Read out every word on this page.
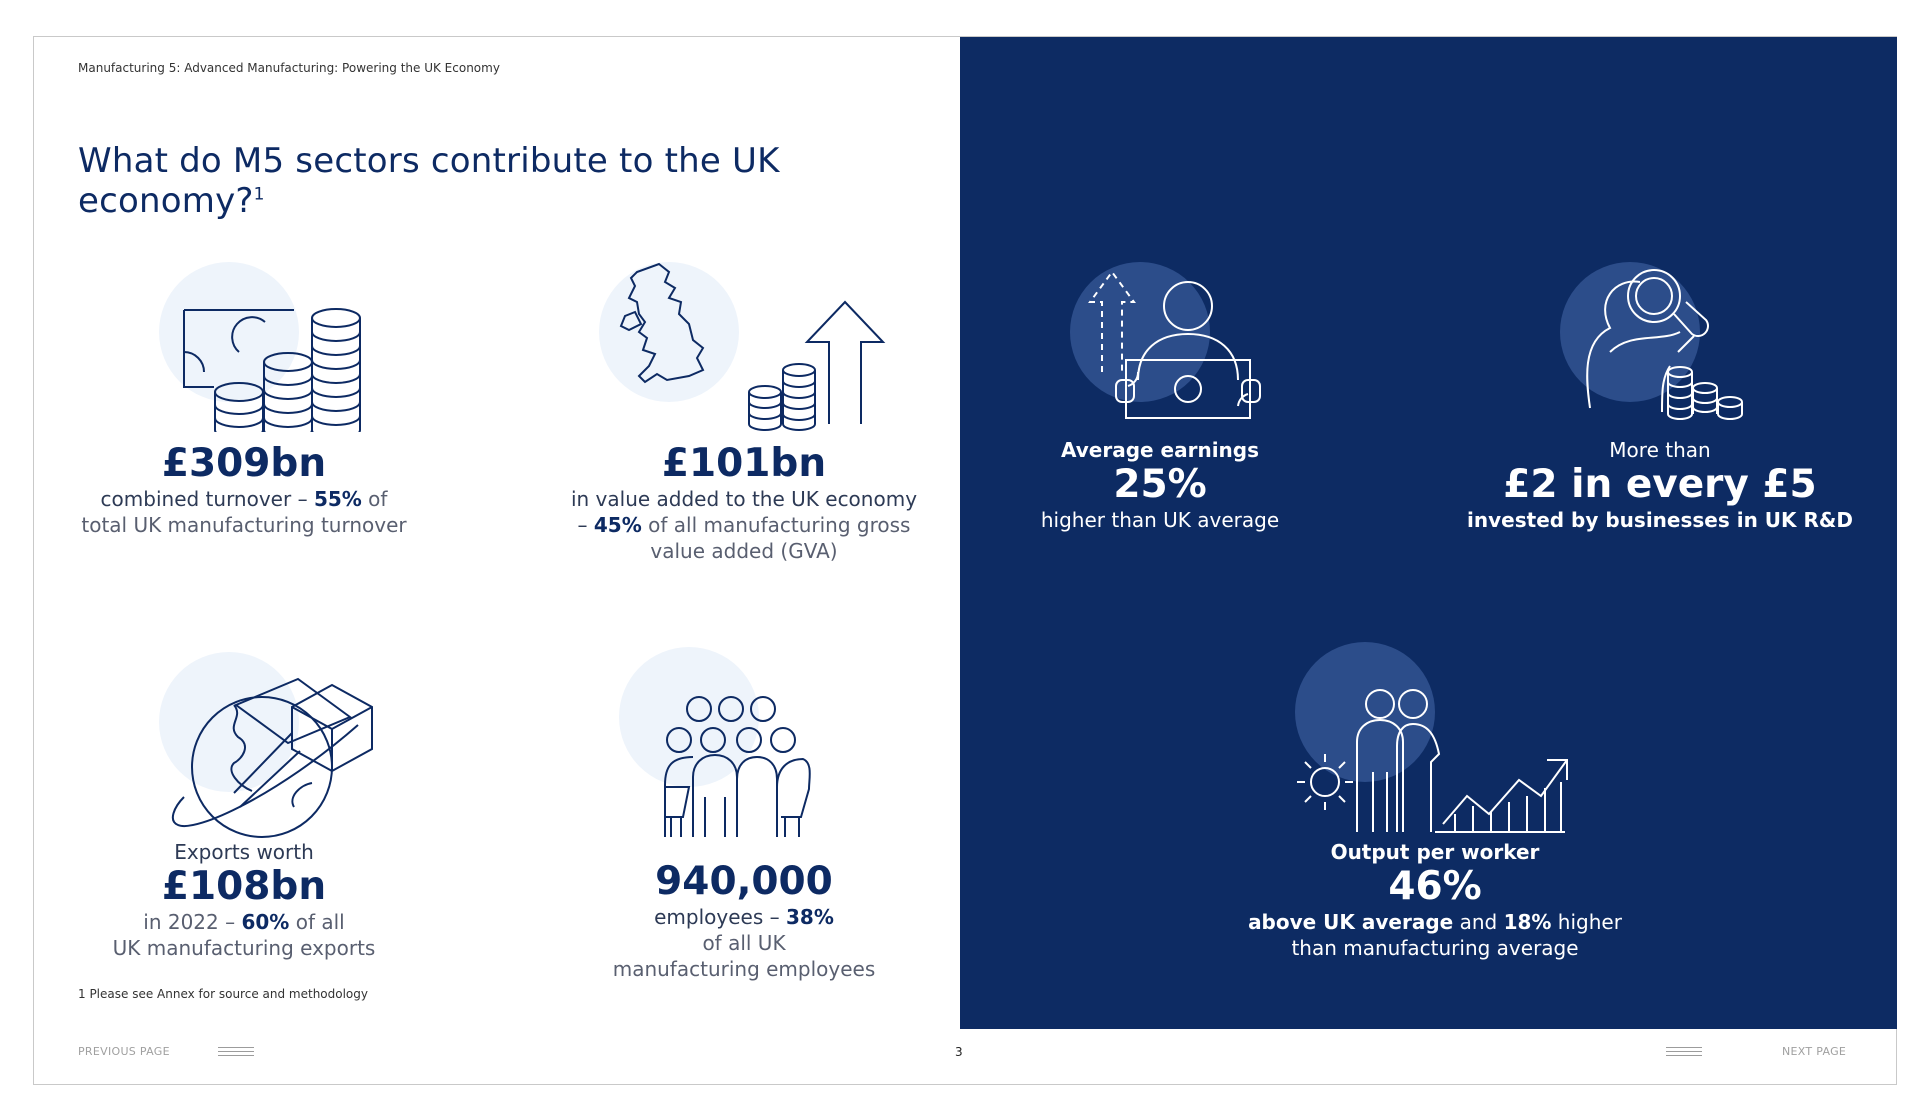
Manufacturing 5: Advanced Manufacturing: Powering the UK Economy
What do M5 sectors contribute to the UK economy?$^1$
£309bn
combined turnover – 55% of
total UK manufacturing turnover
£101bn
in value added to the UK economy
– 45% of all manufacturing gross
value added (GVA)
Exports worth
£108bn
in 2022 – 60% of all
UK manufacturing exports
940,000
employees – 38%
of all UK
manufacturing employees
1 Please see Annex for source and methodology
Average earnings
25%
higher than UK average
More than
£2 in every £5
invested by businesses in UK R&D
Output per worker
46%
above UK average and 18% higher
than manufacturing average
PREVIOUS PAGE	3	NEXT PAGE
